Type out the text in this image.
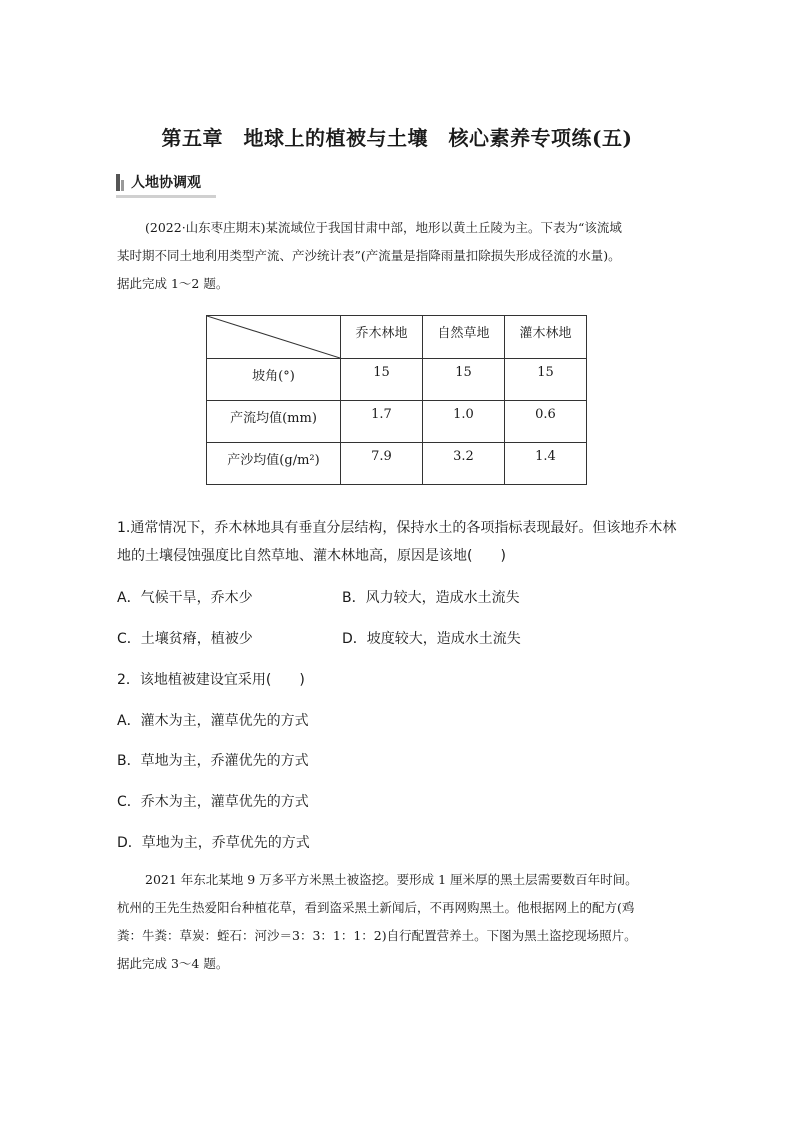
第五章　地球上的植被与土壤　核心素养专项练(五)
人地协调观
(2022·山东枣庄期末)某流域位于我国甘肃中部，地形以黄土丘陵为主。下表为“该流域
某时期不同土地利用类型产流、产沙统计表”(产流量是指降雨量扣除损失形成径流的水量)。
据此完成 1～2 题。
	乔木林地	自然草地	灌木林地
坡角(°)	15	15	15
产流均值(mm)	1.7	1.0	0.6
产沙均值(g/m²)	7.9	3.2	1.4
1.通常情况下，乔木林地具有垂直分层结构，保持水土的各项指标表现最好。但该地乔木林
地的土壤侵蚀强度比自然草地、灌木林地高，原因是该地(　　)
A．气候干旱，乔木少	B．风力较大，造成水土流失
C．土壤贫瘠，植被少	D．坡度较大，造成水土流失
2．该地植被建设宜采用(　　)
A．灌木为主，灌草优先的方式
B．草地为主，乔灌优先的方式
C．乔木为主，灌草优先的方式
D．草地为主，乔草优先的方式
2021 年东北某地 9 万多平方米黑土被盗挖。要形成 1 厘米厚的黑土层需要数百年时间。
杭州的王先生热爱阳台种植花草，看到盗采黑土新闻后，不再网购黑土。他根据网上的配方(鸡
粪：牛粪：草炭：蛭石：河沙＝3：3：1：1：2)自行配置营养土。下图为黑土盗挖现场照片。
据此完成 3～4 题。
